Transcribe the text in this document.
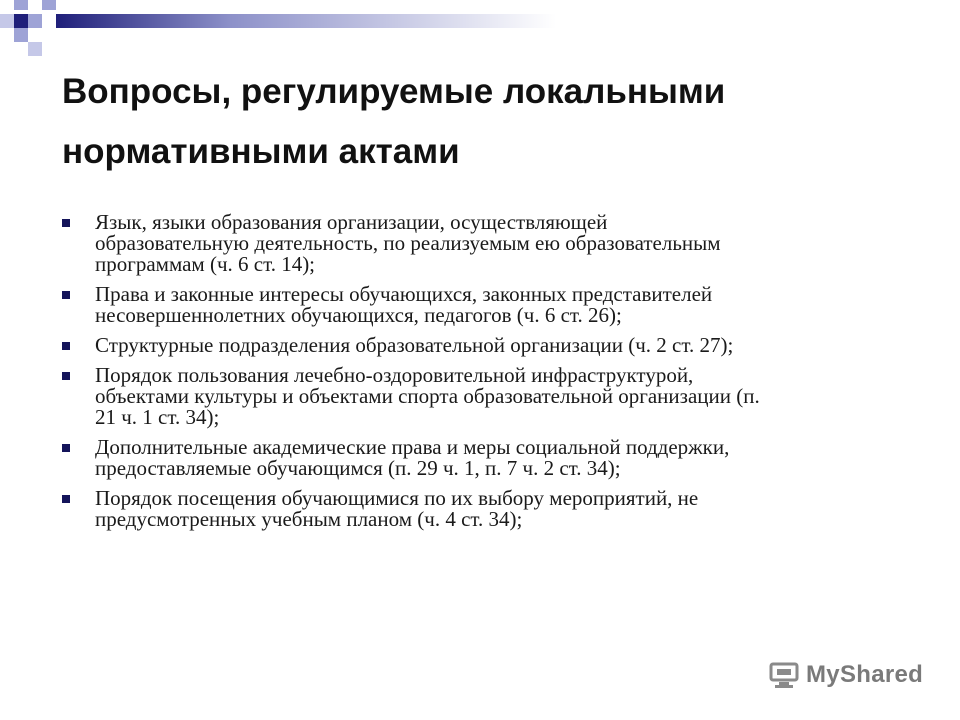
Вопросы, регулируемые локальными
нормативными актами
Язык, языки образования организации, осуществляющей
образовательную деятельность, по реализуемым ею образовательным
программам (ч. 6 ст. 14);
Права и законные интересы обучающихся, законных представителей
несовершеннолетних обучающихся, педагогов (ч. 6 ст. 26);
Структурные подразделения образовательной организации (ч. 2 ст. 27);
Порядок пользования лечебно-оздоровительной инфраструктурой,
объектами культуры и объектами спорта образовательной организации (п.
21 ч. 1 ст. 34);
Дополнительные академические права и меры социальной поддержки,
предоставляемые обучающимся (п. 29 ч. 1, п. 7 ч. 2 ст. 34);
Порядок посещения обучающимися по их выбору мероприятий, не
предусмотренных учебным планом (ч. 4 ст. 34);
MyShared
